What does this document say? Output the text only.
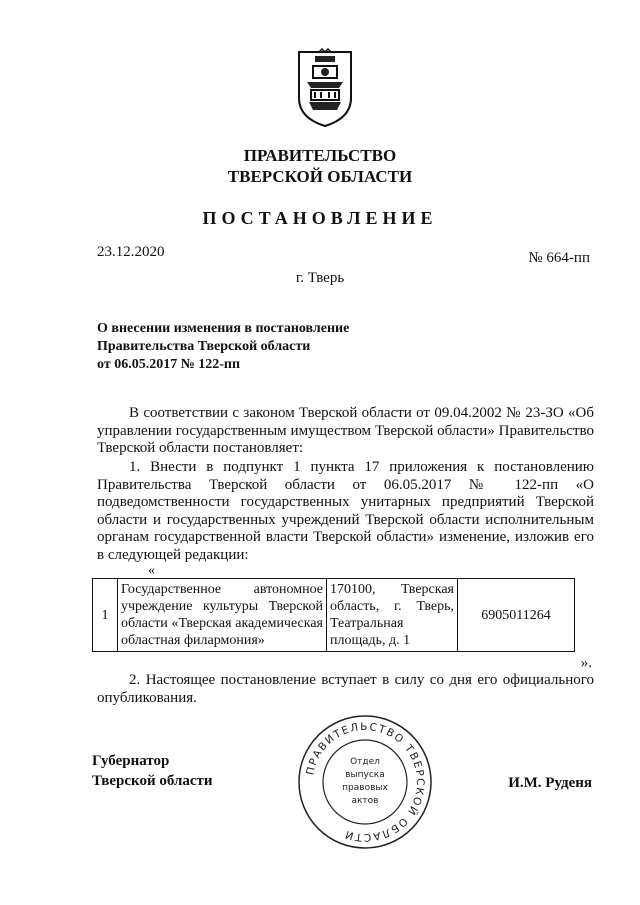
ПРАВИТЕЛЬСТВО
ТВЕРСКОЙ ОБЛАСТИ
ПОСТАНОВЛЕНИЕ
23.12.2020	№ 664-пп
г. Тверь
О внесении изменения в постановление
Правительства Тверской области
от 06.05.2017 № 122-пп
В соответствии с законом Тверской области от 09.04.2002 № 23-ЗО «Об управлении государственным имуществом Тверской области» Правительство Тверской области постановляет:
1. Внести в подпункт 1 пункта 17 приложения к постановлению Правительства Тверской области от 06.05.2017 № 122-пп «О подведомственности государственных унитарных предприятий Тверской области и государственных учреждений Тверской области исполнительным органам государственной власти Тверской области» изменение, изложив его в следующей редакции:
«
1	Государственное автономное учреждение культуры Тверской области «Тверская академическая областная филармония»	170100, Тверская область, г. Тверь, Театральная площадь, д. 1	6905011264
».
2. Настоящее постановление вступает в силу со дня его официального опубликования.
Губернатор
Тверской области	И.М. Руденя
ПРАВИТЕЛЬСТВО ТВЕРСКОЙ ОБЛАСТИ
Отдел
выпуска
правовых
актов
